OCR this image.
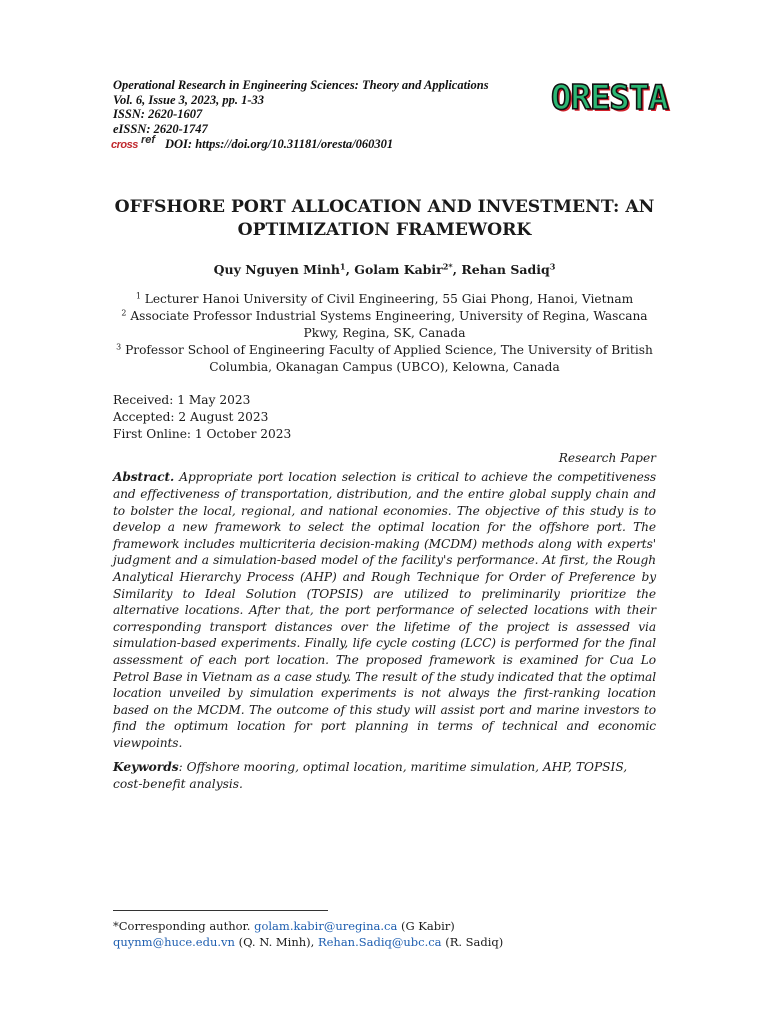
Operational Research in Engineering Sciences: Theory and Applications
Vol. 6, Issue 3, 2023, pp. 1-33
ISSN: 2620-1607
eISSN: 2620-1747
cross ref DOI: https://doi.org/10.31181/oresta/060301
OFFSHORE PORT ALLOCATION AND INVESTMENT: AN
OPTIMIZATION FRAMEWORK
Quy Nguyen Minh$^1$, Golam Kabir$^{2*}$, Rehan Sadiq$^3$
$^1$ Lecturer Hanoi University of Civil Engineering, 55 Giai Phong, Hanoi, Vietnam
$^2$ Associate Professor Industrial Systems Engineering, University of Regina, Wascana Pkwy, Regina, SK, Canada
$^3$ Professor School of Engineering Faculty of Applied Science, The University of British Columbia, Okanagan Campus (UBCO), Kelowna, Canada
Received: 1 May 2023
Accepted: 2 August 2023
First Online: 1 October 2023
Research Paper
Abstract. Appropriate port location selection is critical to achieve the competitiveness and effectiveness of transportation, distribution, and the entire global supply chain and to bolster the local, regional, and national economies. The objective of this study is to develop a new framework to select the optimal location for the offshore port. The framework includes multicriteria decision-making (MCDM) methods along with experts' judgment and a simulation-based model of the facility's performance. At first, the Rough Analytical Hierarchy Process (AHP) and Rough Technique for Order of Preference by Similarity to Ideal Solution (TOPSIS) are utilized to preliminarily prioritize the alternative locations. After that, the port performance of selected locations with their corresponding transport distances over the lifetime of the project is assessed via simulation-based experiments. Finally, life cycle costing (LCC) is performed for the final assessment of each port location. The proposed framework is examined for Cua Lo Petrol Base in Vietnam as a case study. The result of the study indicated that the optimal location unveiled by simulation experiments is not always the first-ranking location based on the MCDM. The outcome of this study will assist port and marine investors to find the optimum location for port planning in terms of technical and economic viewpoints.
Keywords: Offshore mooring, optimal location, maritime simulation, AHP, TOPSIS, cost-benefit analysis.
ORESTA
*Corresponding author. golam.kabir@uregina.ca (G Kabir)
quynm@huce.edu.vn (Q. N. Minh), Rehan.Sadiq@ubc.ca (R. Sadiq)
